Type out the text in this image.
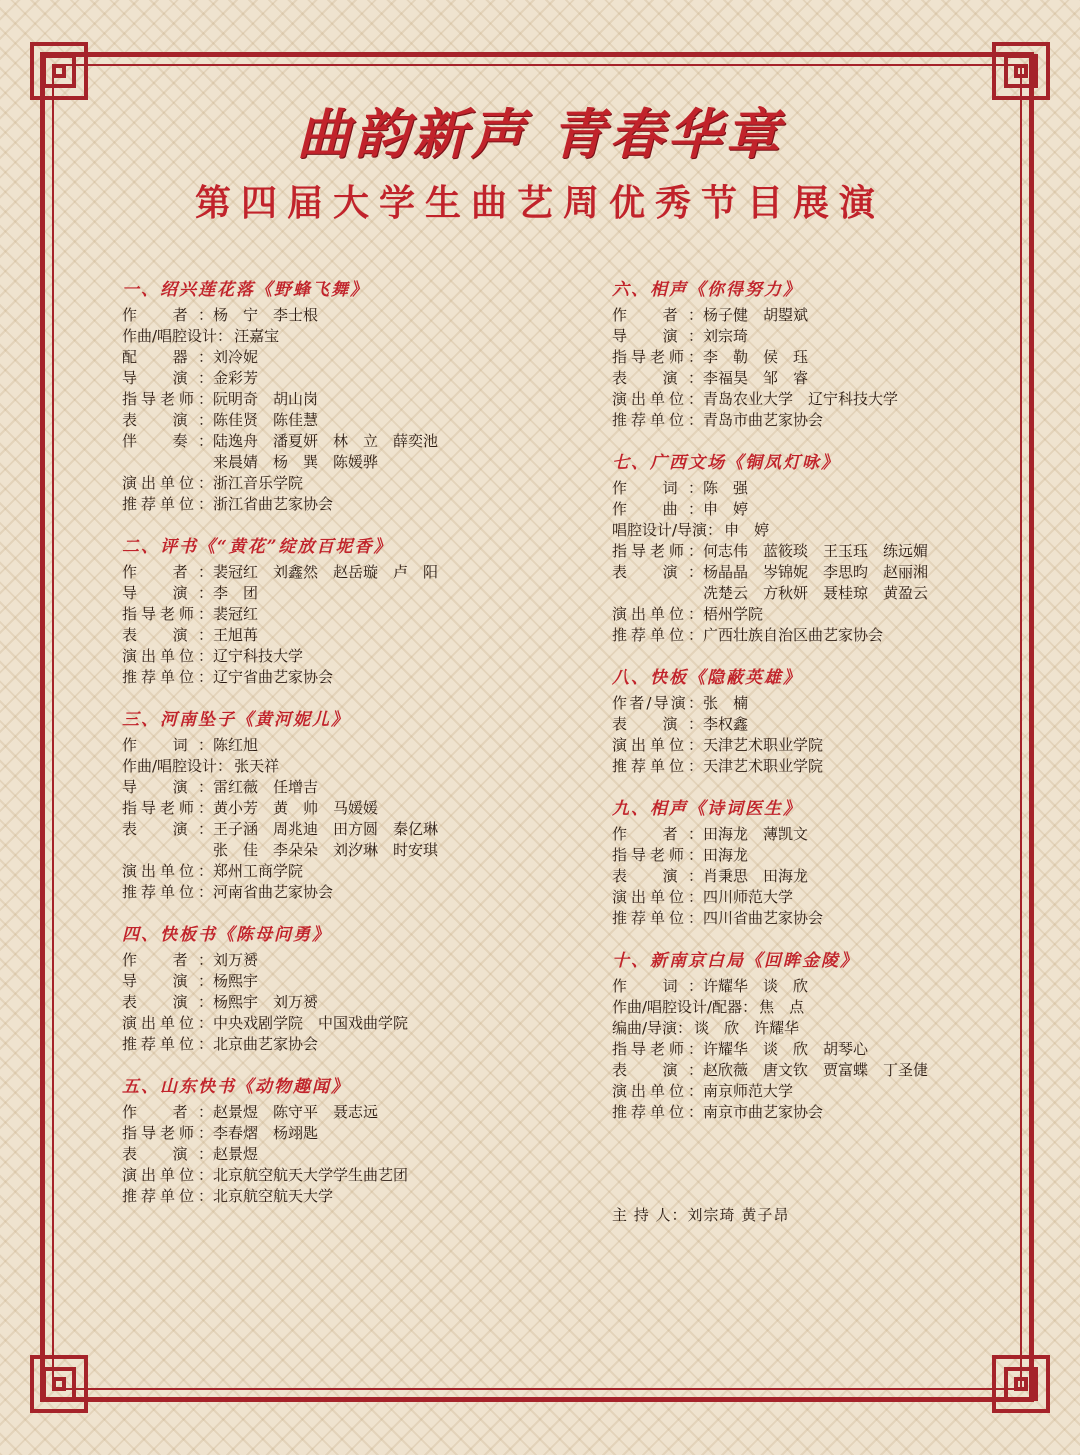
曲韵新声 青春华章
第四届大学生曲艺周优秀节目展演
一、绍兴莲花落《野蜂飞舞》
作　者： 杨　宁　李士根
作曲/唱腔设计： 汪嘉宝
配　器： 刘冷妮
导　演： 金彩芳
指导老师： 阮明奇　胡山岗
表　演： 陈佳贤　陈佳慧
伴　奏： 陆逸舟　潘夏妍　林　立　薛奕池
来晨婧　杨　巽　陈媛骅
演出单位： 浙江音乐学院
推荐单位： 浙江省曲艺家协会
二、评书《“黄花”绽放百坭香》
作　者： 裴冠红　刘鑫然　赵岳璇　卢　阳
导　演： 李　团
指导老师： 裴冠红
表　演： 王旭苒
演出单位： 辽宁科技大学
推荐单位： 辽宁省曲艺家协会
三、河南坠子《黄河妮儿》
作　词： 陈红旭
作曲/唱腔设计： 张天祥
导　演： 雷红薇　任增吉
指导老师： 黄小芳　黄　帅　马媛媛
表　演： 王子涵　周兆迪　田方圆　秦亿琳
张　佳　李朵朵　刘汐琳　时安琪
演出单位： 郑州工商学院
推荐单位： 河南省曲艺家协会
四、快板书《陈母问勇》
作　者： 刘万赟
导　演： 杨熙宇
表　演： 杨熙宇　刘万赟
演出单位： 中央戏剧学院　中国戏曲学院
推荐单位： 北京曲艺家协会
五、山东快书《动物趣闻》
作　者： 赵景煜　陈守平　聂志远
指导老师： 李春熠　杨翊匙
表　演： 赵景煜
演出单位： 北京航空航天大学学生曲艺团
推荐单位： 北京航空航天大学
六、相声《你得努力》
作　者： 杨子健　胡曌斌
导　演： 刘宗琦
指导老师： 李　勒　侯　珏
表　演： 李福昊　邹　睿
演出单位： 青岛农业大学　辽宁科技大学
推荐单位： 青岛市曲艺家协会
七、广西文场《铜凤灯咏》
作　词： 陈　强
作　曲： 申　婷
唱腔设计/导演： 申　婷
指导老师： 何志伟　蓝筱琰　王玉珏　练远媚
表　演： 杨晶晶　岑锦妮　李思昀　赵丽湘
冼楚云　方秋妍　聂桂琼　黄盈云
演出单位： 梧州学院
推荐单位： 广西壮族自治区曲艺家协会
八、快板《隐蔽英雄》
作者/导演： 张　楠
表　演： 李权鑫
演出单位： 天津艺术职业学院
推荐单位： 天津艺术职业学院
九、相声《诗词医生》
作　者： 田海龙　薄凯文
指导老师： 田海龙
表　演： 肖秉思　田海龙
演出单位： 四川师范大学
推荐单位： 四川省曲艺家协会
十、新南京白局《回眸金陵》
作　词： 许耀华　谈　欣
作曲/唱腔设计/配器： 焦　点
编曲/导演： 谈　欣　许耀华
指导老师： 许耀华　谈　欣　胡琴心
表　演： 赵欣薇　唐文钦　贾富蝶　丁圣倢
演出单位： 南京师范大学
推荐单位： 南京市曲艺家协会
主 持 人：刘宗琦 黄子昂
